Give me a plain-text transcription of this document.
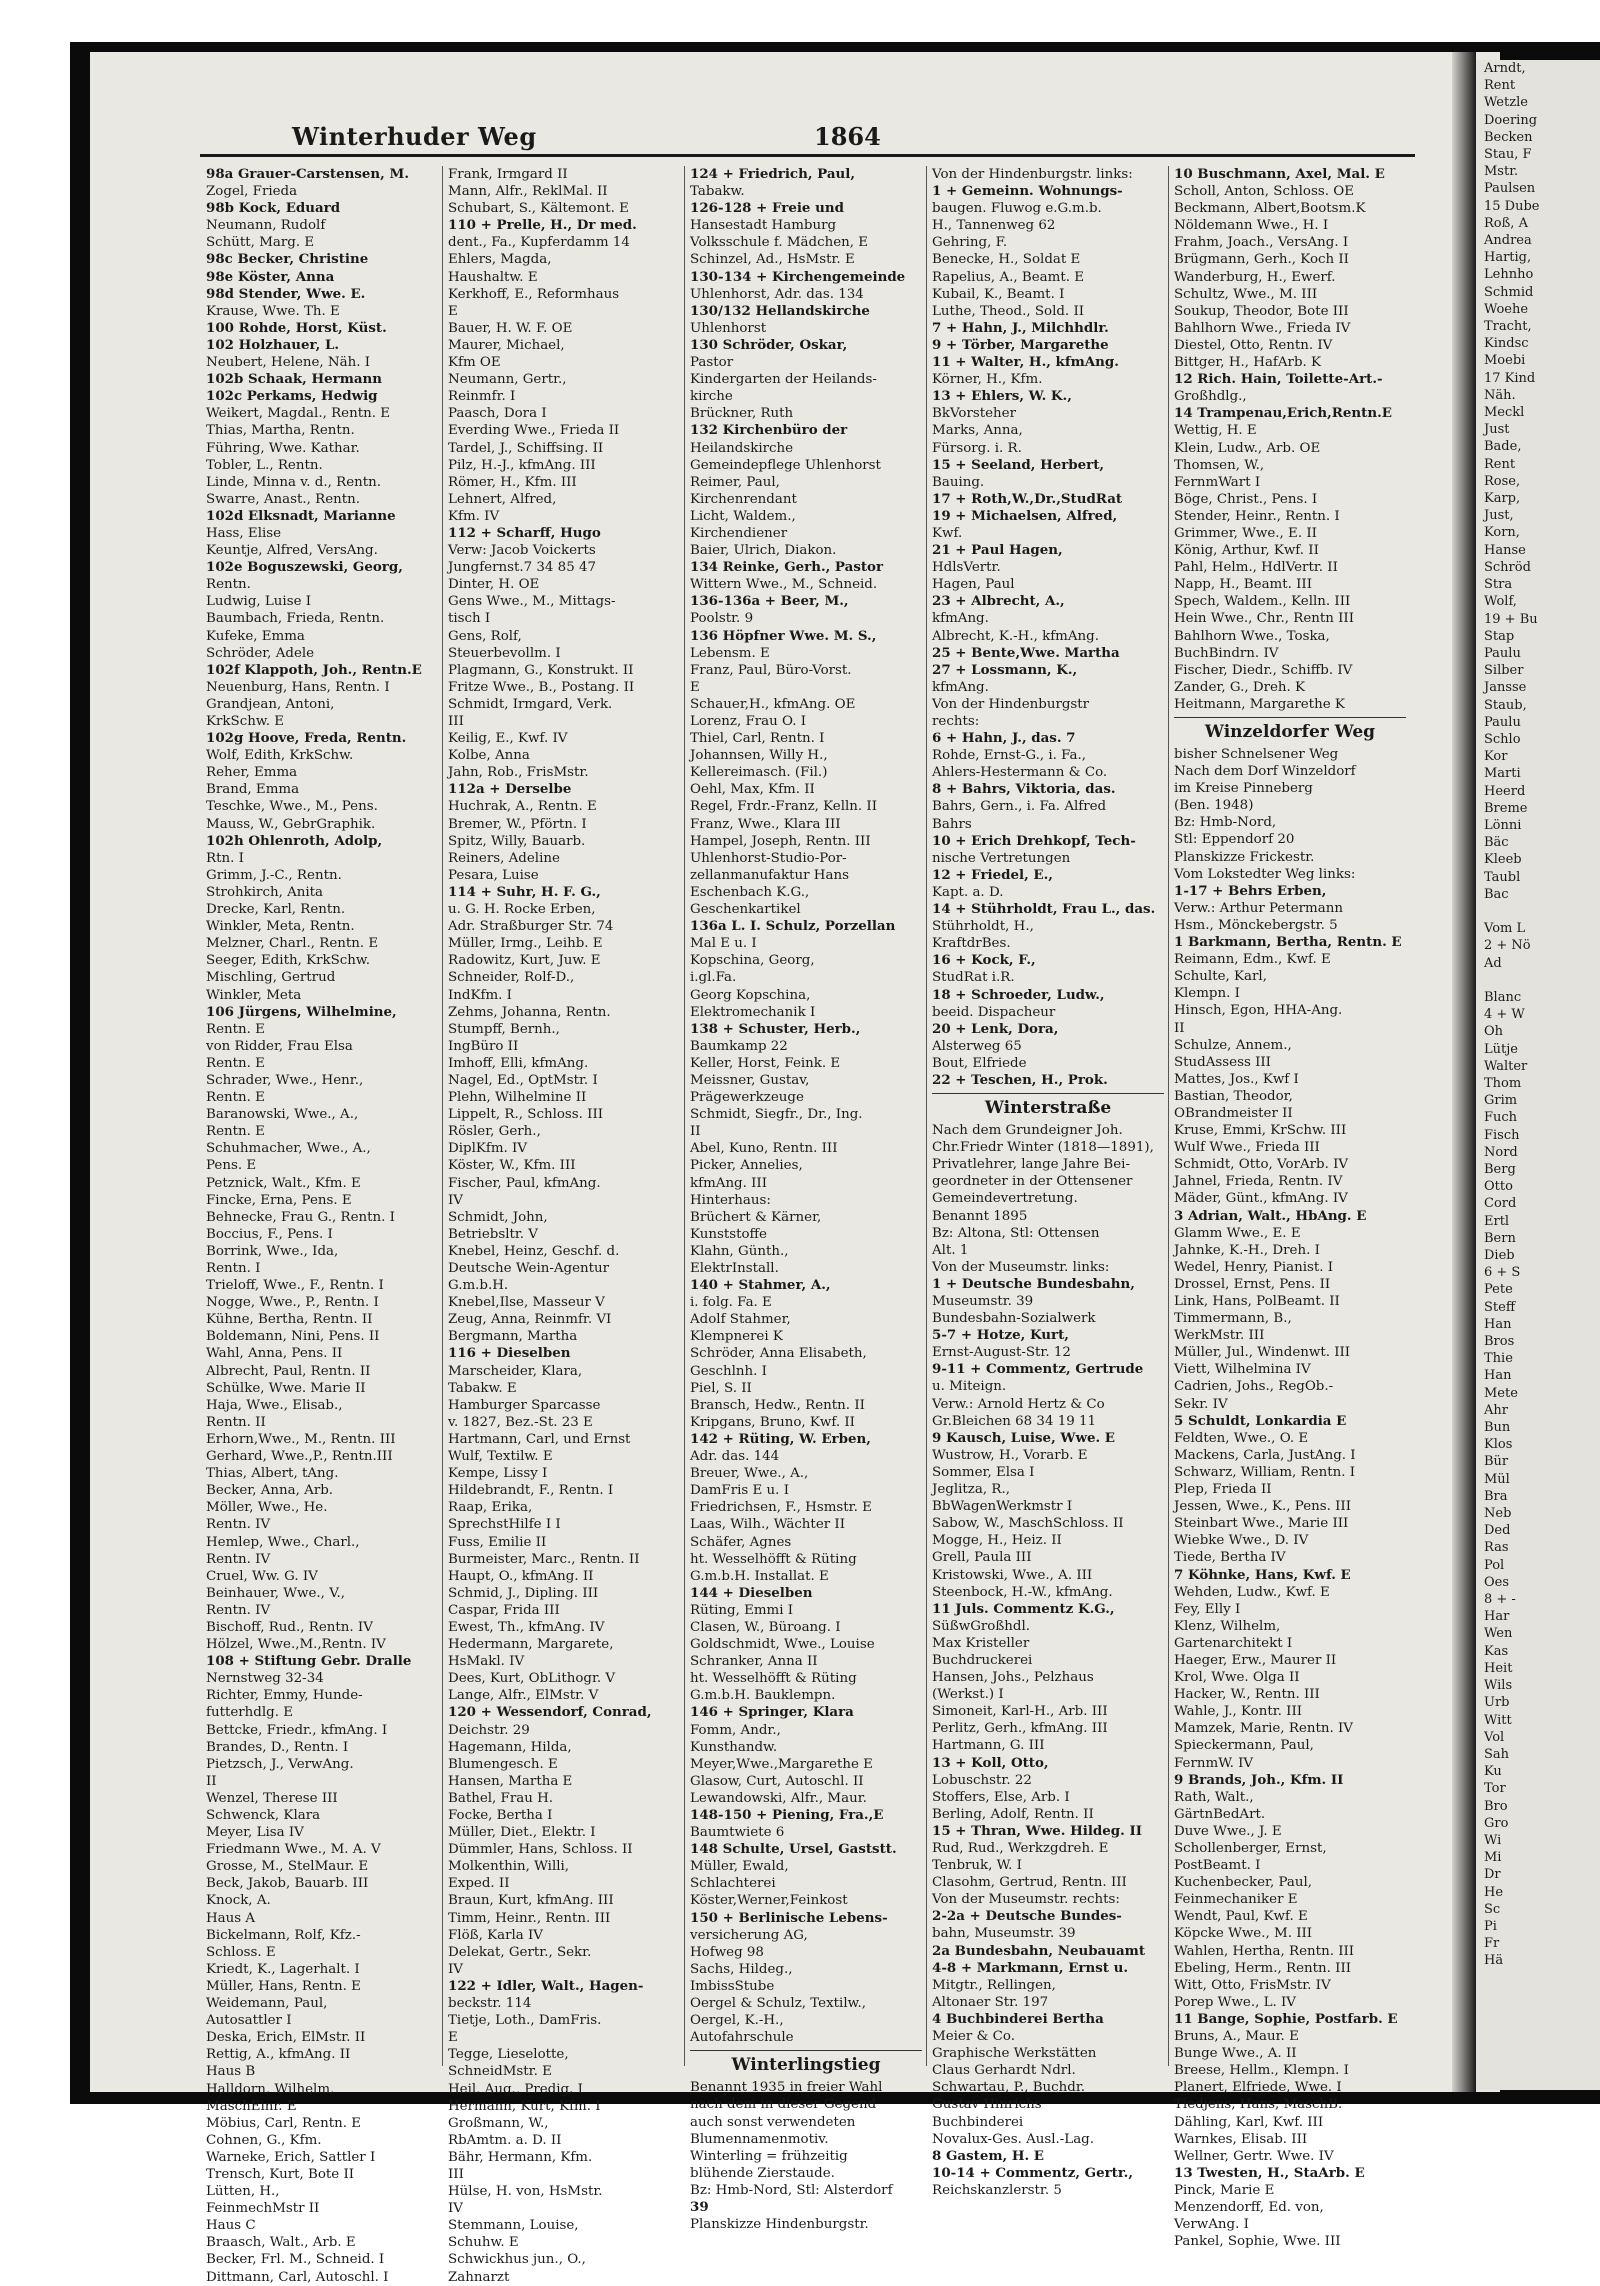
Arndt,
Rent
Wetzle
Doering
Becken
Stau, F
Mstr.
Paulsen
15 Dube
Roß, A
Andrea
Hartig,
Lehnho
Schmid
Woehe
Tracht,
Kindsc
Moebi
17 Kind
Näh.
Meckl
Just
Bade,
Rent
Rose,
Karp,
Just,
Korn,
Hanse
Schröd
Stra
Wolf,
19 + Bu
Stap
Paulu
Silber
Jansse
Staub,
Paulu
Schlo
Kor
Marti
Heerd
Breme
Lönni
Bäc
Kleeb
Taubl
Bac

Vom L
2 + Nö
Ad

Blanc
4 + W
Oh
Lütje
Walter
Thom
Grim
Fuch
Fisch
Nord
Berg
Otto
Cord
Ertl
Bern
Dieb
6 + S
Pete
Steff
Han
Bros
Thie
Han
Mete
Ahr
Bun
Klos
Bür
Mül
Bra
Neb
Ded
Ras
Pol
Oes
8 + -
Har
Wen
Kas
Heit
Wils
Urb
Witt
Vol
Sah
Ku
Tor
Bro
Gro
Wi
Mi
Dr
He
Sc
Pi
Fr
Hä
Winterhuder Weg	1864
98a Grauer-Carstensen, M.
Zogel, Frieda
98b Kock, Eduard
Neumann, Rudolf
Schütt, Marg. E
98c Becker, Christine
98e Köster, Anna
98d Stender, Wwe. E.
Krause, Wwe. Th. E
100 Rohde, Horst, Küst.
102 Holzhauer, L.
Neubert, Helene, Näh. I
102b Schaak, Hermann
102c Perkams, Hedwig
Weikert, Magdal., Rentn. E
Thias, Martha, Rentn.
Führing, Wwe. Kathar.
Tobler, L., Rentn.
Linde, Minna v. d., Rentn.
Swarre, Anast., Rentn.
102d Elksnadt, Marianne
Hass, Elise
Keuntje, Alfred, VersAng.
102e Boguszewski, Georg,
Rentn.
Ludwig, Luise I
Baumbach, Frieda, Rentn.
Kufeke, Emma
Schröder, Adele
102f Klappoth, Joh., Rentn.E
Neuenburg, Hans, Rentn. I
Grandjean, Antoni,
KrkSchw. E
102g Hoove, Freda, Rentn.
Wolf, Edith, KrkSchw.
Reher, Emma
Brand, Emma
Teschke, Wwe., M., Pens.
Mauss, W., GebrGraphik.
102h Ohlenroth, Adolp,
Rtn. I
Grimm, J.-C., Rentn.
Strohkirch, Anita
Drecke, Karl, Rentn.
Winkler, Meta, Rentn.
Melzner, Charl., Rentn. E
Seeger, Edith, KrkSchw.
Mischling, Gertrud
Winkler, Meta
106 Jürgens, Wilhelmine,
Rentn. E
von Ridder, Frau Elsa
Rentn. E
Schrader, Wwe., Henr.,
Rentn. E
Baranowski, Wwe., A.,
Rentn. E
Schuhmacher, Wwe., A.,
Pens. E
Petznick, Walt., Kfm. E
Fincke, Erna, Pens. E
Behnecke, Frau G., Rentn. I
Boccius, F., Pens. I
Borrink, Wwe., Ida,
Rentn. I
Trieloff, Wwe., F., Rentn. I
Nogge, Wwe., P., Rentn. I
Kühne, Bertha, Rentn. II
Boldemann, Nini, Pens. II
Wahl, Anna, Pens. II
Albrecht, Paul, Rentn. II
Schülke, Wwe. Marie II
Haja, Wwe., Elisab.,
Rentn. II
Erhorn,Wwe., M., Rentn. III
Gerhard, Wwe.,P., Rentn.III
Thias, Albert, tAng.
Becker, Anna, Arb.
Möller, Wwe., He.
Rentn. IV
Hemlep, Wwe., Charl.,
Rentn. IV
Cruel, Ww. G. IV
Beinhauer, Wwe., V.,
Rentn. IV
Bischoff, Rud., Rentn. IV
Hölzel, Wwe.,M.,Rentn. IV
108 + Stiftung Gebr. Dralle
Nernstweg 32-34
Richter, Emmy, Hunde-
futterhdlg. E
Bettcke, Friedr., kfmAng. I
Brandes, D., Rentn. I
Pietzsch, J., VerwAng.
II
Wenzel, Therese III
Schwenck, Klara
Meyer, Lisa IV
Friedmann Wwe., M. A. V
Grosse, M., StelMaur. E
Beck, Jakob, Bauarb. III
Knock, A.
Haus A
Bickelmann, Rolf, Kfz.-
Schloss. E
Kriedt, K., Lagerhalt. I
Müller, Hans, Rentn. E
Weidemann, Paul,
Autosattler I
Deska, Erich, ElMstr. II
Rettig, A., kfmAng. II
Haus B
Halldorn, Wilhelm,
MaschEinr. E
Möbius, Carl, Rentn. E
Cohnen, G., Kfm.
Warneke, Erich, Sattler I
Trensch, Kurt, Bote II
Lütten, H.,
FeinmechMstr II
Haus C
Braasch, Walt., Arb. E
Becker, Frl. M., Schneid. I
Dittmann, Carl, Autoschl. I
Frank, Irmgard II
Mann, Alfr., ReklMal. II
Schubart, S., Kältemont. E
110 + Prelle, H., Dr med.
dent., Fa., Kupferdamm 14
Ehlers, Magda,
Haushaltw. E
Kerkhoff, E., Reformhaus
E
Bauer, H. W. F. OE
Maurer, Michael,
Kfm OE
Neumann, Gertr.,
Reinmfr. I
Paasch, Dora I
Everding Wwe., Frieda II
Tardel, J., Schiffsing. II
Pilz, H.-J., kfmAng. III
Römer, H., Kfm. III
Lehnert, Alfred,
Kfm. IV
112 + Scharff, Hugo
Verw: Jacob Voickerts
Jungfernst.7 34 85 47
Dinter, H. OE
Gens Wwe., M., Mittags-
tisch I
Gens, Rolf,
Steuerbevollm. I
Plagmann, G., Konstrukt. II
Fritze Wwe., B., Postang. II
Schmidt, Irmgard, Verk.
III
Keilig, E., Kwf. IV
Kolbe, Anna
Jahn, Rob., FrisMstr.
112a + Derselbe
Huchrak, A., Rentn. E
Bremer, W., Pförtn. I
Spitz, Willy, Bauarb.
Reiners, Adeline
Pesara, Luise
114 + Suhr, H. F. G.,
u. G. H. Rocke Erben,
Adr. Straßburger Str. 74
Müller, Irmg., Leihb. E
Radowitz, Kurt, Juw. E
Schneider, Rolf-D.,
IndKfm. I
Zehms, Johanna, Rentn.
Stumpff, Bernh.,
IngBüro II
Imhoff, Elli, kfmAng.
Nagel, Ed., OptMstr. I
Plehn, Wilhelmine II
Lippelt, R., Schloss. III
Rösler, Gerh.,
DiplKfm. IV
Köster, W., Kfm. III
Fischer, Paul, kfmAng.
IV
Schmidt, John,
Betriebsltr. V
Knebel, Heinz, Geschf. d.
Deutsche Wein-Agentur
G.m.b.H.
Knebel,Ilse, Masseur V
Zeug, Anna, Reinmfr. VI
Bergmann, Martha
116 + Dieselben
Marscheider, Klara,
Tabakw. E
Hamburger Sparcasse
v. 1827, Bez.-St. 23 E
Hartmann, Carl, und Ernst
Wulf, Textilw. E
Kempe, Lissy I
Hildebrandt, F., Rentn. I
Raap, Erika,
SprechstHilfe I I
Fuss, Emilie II
Burmeister, Marc., Rentn. II
Haupt, O., kfmAng. II
Schmid, J., Dipling. III
Caspar, Frida III
Ewest, Th., kfmAng. IV
Hedermann, Margarete,
HsMakl. IV
Dees, Kurt, ObLithogr. V
Lange, Alfr., ElMstr. V
120 + Wessendorf, Conrad,
Deichstr. 29
Hagemann, Hilda,
Blumengesch. E
Hansen, Martha E
Bathel, Frau H.
Focke, Bertha I
Müller, Diet., Elektr. I
Dümmler, Hans, Schloss. II
Molkenthin, Willi,
Exped. II
Braun, Kurt, kfmAng. III
Timm, Heinr., Rentn. III
Flöß, Karla IV
Delekat, Gertr., Sekr.
IV
122 + Idler, Walt., Hagen-
beckstr. 114
Tietje, Loth., DamFris.
E
Tegge, Lieselotte,
SchneidMstr. E
Heil, Aug., Predig. I
Hermann, Kurt, Kfm. I
Großmann, W.,
RbAmtm. a. D. II
Bähr, Hermann, Kfm.
III
Hülse, H. von, HsMstr.
IV
Stemmann, Louise,
Schuhw. E
Schwickhus jun., O.,
Zahnarzt
124 + Friedrich, Paul,
Tabakw.
126-128 + Freie und
Hansestadt Hamburg
Volksschule f. Mädchen, E
Schinzel, Ad., HsMstr. E
130-134 + Kirchengemeinde
Uhlenhorst, Adr. das. 134
130/132 Hellandskirche
Uhlenhorst
130 Schröder, Oskar,
Pastor
Kindergarten der Heilands-
kirche
Brückner, Ruth
132 Kirchenbüro der
Heilandskirche
Gemeindepflege Uhlenhorst
Reimer, Paul,
Kirchenrendant
Licht, Waldem.,
Kirchendiener
Baier, Ulrich, Diakon.
134 Reinke, Gerh., Pastor
Wittern Wwe., M., Schneid.
136-136a + Beer, M.,
Poolstr. 9
136 Höpfner Wwe. M. S.,
Lebensm. E
Franz, Paul, Büro-Vorst.
E
Schauer,H., kfmAng. OE
Lorenz, Frau O. I
Thiel, Carl, Rentn. I
Johannsen, Willy H.,
Kellereimasch. (Fil.)
Oehl, Max, Kfm. II
Regel, Frdr.-Franz, Kelln. II
Franz, Wwe., Klara III
Hampel, Joseph, Rentn. III
Uhlenhorst-Studio-Por-
zellanmanufaktur Hans
Eschenbach K.G.,
Geschenkartikel
136a L. I. Schulz, Porzellan
Mal E u. I
Kopschina, Georg,
i.gl.Fa.
Georg Kopschina,
Elektromechanik I
138 + Schuster, Herb.,
Baumkamp 22
Keller, Horst, Feink. E
Meissner, Gustav,
Prägewerkzeuge
Schmidt, Siegfr., Dr., Ing.
II
Abel, Kuno, Rentn. III
Picker, Annelies,
kfmAng. III
Hinterhaus:
Brüchert & Kärner,
Kunststoffe
Klahn, Günth.,
ElektrInstall.
140 + Stahmer, A.,
i. folg. Fa. E
Adolf Stahmer,
Klempnerei K
Schröder, Anna Elisabeth,
Geschlnh. I
Piel, S. II
Bransch, Hedw., Rentn. II
Kripgans, Bruno, Kwf. II
142 + Rüting, W. Erben,
Adr. das. 144
Breuer, Wwe., A.,
DamFris E u. I
Friedrichsen, F., Hsmstr. E
Laas, Wilh., Wächter II
Schäfer, Agnes
ht. Wesselhöfft & Rüting
G.m.b.H. Installat. E
144 + Dieselben
Rüting, Emmi I
Clasen, W., Büroang. I
Goldschmidt, Wwe., Louise
Schranker, Anna II
ht. Wesselhöfft & Rüting
G.m.b.H. Bauklempn.
146 + Springer, Klara
Fomm, Andr.,
Kunsthandw.
Meyer,Wwe.,Margarethe E
Glasow, Curt, Autoschl. II
Lewandowski, Alfr., Maur.
148-150 + Piening, Fra.,E
Baumtwiete 6
148 Schulte, Ursel, Gaststt.
Müller, Ewald,
Schlachterei
Köster,Werner,Feinkost
150 + Berlinische Lebens-
versicherung AG,
Hofweg 98
Sachs, Hildeg.,
ImbissStube
Oergel & Schulz, Textilw.,
Oergel, K.-H.,
Autofahrschule
Winterlingstieg
Benannt 1935 in freier Wahl
nach dem in dieser Gegend
auch sonst verwendeten
Blumennamenmotiv.
Winterling = frühzeitig
blühende Zierstaude.
Bz: Hmb-Nord, Stl: Alsterdorf
39
Planskizze Hindenburgstr.
Von der Hindenburgstr. links:
1 + Gemeinn. Wohnungs-
baugen. Fluwog e.G.m.b.
H., Tannenweg 62
Gehring, F.
Benecke, H., Soldat E
Rapelius, A., Beamt. E
Kubail, K., Beamt. I
Luthe, Theod., Sold. II
7 + Hahn, J., Milchhdlr.
9 + Törber, Margarethe
11 + Walter, H., kfmAng.
Körner, H., Kfm.
13 + Ehlers, W. K.,
BkVorsteher
Marks, Anna,
Fürsorg. i. R.
15 + Seeland, Herbert,
Bauing.
17 + Roth,W.,Dr.,StudRat
19 + Michaelsen, Alfred,
Kwf.
21 + Paul Hagen,
HdlsVertr.
Hagen, Paul
23 + Albrecht, A.,
kfmAng.
Albrecht, K.-H., kfmAng.
25 + Bente,Wwe. Martha
27 + Lossmann, K.,
kfmAng.
Von der Hindenburgstr
rechts:
6 + Hahn, J., das. 7
Rohde, Ernst-G., i. Fa.,
Ahlers-Hestermann & Co.
8 + Bahrs, Viktoria, das.
Bahrs, Gern., i. Fa. Alfred
Bahrs
10 + Erich Drehkopf, Tech-
nische Vertretungen
12 + Friedel, E.,
Kapt. a. D.
14 + Stührholdt, Frau L., das.
Stührholdt, H.,
KraftdrBes.
16 + Kock, F.,
StudRat i.R.
18 + Schroeder, Ludw.,
beeid. Dispacheur
20 + Lenk, Dora,
Alsterweg 65
Bout, Elfriede
22 + Teschen, H., Prok.
Winterstraße
Nach dem Grundeigner Joh.
Chr.Friedr Winter (1818—1891),
Privatlehrer, lange Jahre Bei-
geordneter in der Ottensener
Gemeindevertretung.
Benannt 1895
Bz: Altona, Stl: Ottensen
Alt. 1
Von der Museumstr. links:
1 + Deutsche Bundesbahn,
Museumstr. 39
Bundesbahn-Sozialwerk
5-7 + Hotze, Kurt,
Ernst-August-Str. 12
9-11 + Commentz, Gertrude
u. Miteign.
Verw.: Arnold Hertz & Co
Gr.Bleichen 68 34 19 11
9 Kausch, Luise, Wwe. E
Wustrow, H., Vorarb. E
Sommer, Elsa I
Jeglitza, R.,
BbWagenWerkmstr I
Sabow, W., MaschSchloss. II
Mogge, H., Heiz. II
Grell, Paula III
Kristowski, Wwe., A. III
Steenbock, H.-W., kfmAng.
11 Juls. Commentz K.G.,
SüßwGroßhdl.
Max Kristeller
Buchdruckerei
Hansen, Johs., Pelzhaus
(Werkst.) I
Simoneit, Karl-H., Arb. III
Perlitz, Gerh., kfmAng. III
Hartmann, G. III
13 + Koll, Otto,
Lobuschstr. 22
Stoffers, Else, Arb. I
Berling, Adolf, Rentn. II
15 + Thran, Wwe. Hildeg. II
Rud, Rud., Werkzgdreh. E
Tenbruk, W. I
Clasohm, Gertrud, Rentn. III
Von der Museumstr. rechts:
2-2a + Deutsche Bundes-
bahn, Museumstr. 39
2a Bundesbahn, Neubauamt
4-8 + Markmann, Ernst u.
Mitgtr., Rellingen,
Altonaer Str. 197
4 Buchbinderei Bertha
Meier & Co.
Graphische Werkstätten
Claus Gerhardt Ndrl.
Schwartau, P., Buchdr.
Gustav Hinrichs
Buchbinderei
Novalux-Ges. Ausl.-Lag.
8 Gastem, H. E
10-14 + Commentz, Gertr.,
Reichskanzlerstr. 5
10 Buschmann, Axel, Mal. E
Scholl, Anton, Schloss. OE
Beckmann, Albert,Bootsm.K
Nöldemann Wwe., H. I
Frahm, Joach., VersAng. I
Brügmann, Gerh., Koch II
Wanderburg, H., Ewerf.
Schultz, Wwe., M. III
Soukup, Theodor, Bote III
Bahlhorn Wwe., Frieda IV
Diestel, Otto, Rentn. IV
Bittger, H., HafArb. K
12 Rich. Hain, Toilette-Art.-
Großhdlg.,
14 Trampenau,Erich,Rentn.E
Wettig, H. E
Klein, Ludw., Arb. OE
Thomsen, W.,
FernmWart I
Böge, Christ., Pens. I
Stender, Heinr., Rentn. I
Grimmer, Wwe., E. II
König, Arthur, Kwf. II
Pahl, Helm., HdlVertr. II
Napp, H., Beamt. III
Spech, Waldem., Kelln. III
Hein Wwe., Chr., Rentn III
Bahlhorn Wwe., Toska,
BuchBindrn. IV
Fischer, Diedr., Schiffb. IV
Zander, G., Dreh. K
Heitmann, Margarethe K
Winzeldorfer Weg
bisher Schnelsener Weg
Nach dem Dorf Winzeldorf
im Kreise Pinneberg
(Ben. 1948)
Bz: Hmb-Nord,
Stl: Eppendorf 20
Planskizze Frickestr.
Vom Lokstedter Weg links:
1-17 + Behrs Erben,
Verw.: Arthur Petermann
Hsm., Mönckebergstr. 5
1 Barkmann, Bertha, Rentn. E
Reimann, Edm., Kwf. E
Schulte, Karl,
Klempn. I
Hinsch, Egon, HHA-Ang.
II
Schulze, Annem.,
StudAssess III
Mattes, Jos., Kwf I
Bastian, Theodor,
OBrandmeister II
Kruse, Emmi, KrSchw. III
Wulf Wwe., Frieda III
Schmidt, Otto, VorArb. IV
Jahnel, Frieda, Rentn. IV
Mäder, Günt., kfmAng. IV
3 Adrian, Walt., HbAng. E
Glamm Wwe., E. E
Jahnke, K.-H., Dreh. I
Wedel, Henry, Pianist. I
Drossel, Ernst, Pens. II
Link, Hans, PolBeamt. II
Timmermann, B.,
WerkMstr. III
Müller, Jul., Windenwt. III
Viett, Wilhelmina IV
Cadrien, Johs., RegOb.-
Sekr. IV
5 Schuldt, Lonkardia E
Feldten, Wwe., O. E
Mackens, Carla, JustAng. I
Schwarz, William, Rentn. I
Plep, Frieda II
Jessen, Wwe., K., Pens. III
Steinbart Wwe., Marie III
Wiebke Wwe., D. IV
Tiede, Bertha IV
7 Köhnke, Hans, Kwf. E
Wehden, Ludw., Kwf. E
Fey, Elly I
Klenz, Wilhelm,
Gartenarchitekt I
Haeger, Erw., Maurer II
Krol, Wwe. Olga II
Hacker, W., Rentn. III
Wahle, J., Kontr. III
Mamzek, Marie, Rentn. IV
Spieckermann, Paul,
FernmW. IV
9 Brands, Joh., Kfm. II
Rath, Walt.,
GärtnBedArt.
Duve Wwe., J. E
Schollenberger, Ernst,
PostBeamt. I
Kuchenbecker, Paul,
Feinmechaniker E
Wendt, Paul, Kwf. E
Köpcke Wwe., M. III
Wahlen, Hertha, Rentn. III
Ebeling, Herm., Rentn. III
Witt, Otto, FrisMstr. IV
Porep Wwe., L. IV
11 Bange, Sophie, Postfarb. E
Bruns, A., Maur. E
Bunge Wwe., A. II
Breese, Hellm., Klempn. I
Planert, Elfriede, Wwe. I
Tiedjens, Hans, MaschB.
Dähling, Karl, Kwf. III
Warnkes, Elisab. III
Wellner, Gertr. Wwe. IV
13 Twesten, H., StaArb. E
Pinck, Marie E
Menzendorff, Ed. von,
VerwAng. I
Pankel, Sophie, Wwe. III
